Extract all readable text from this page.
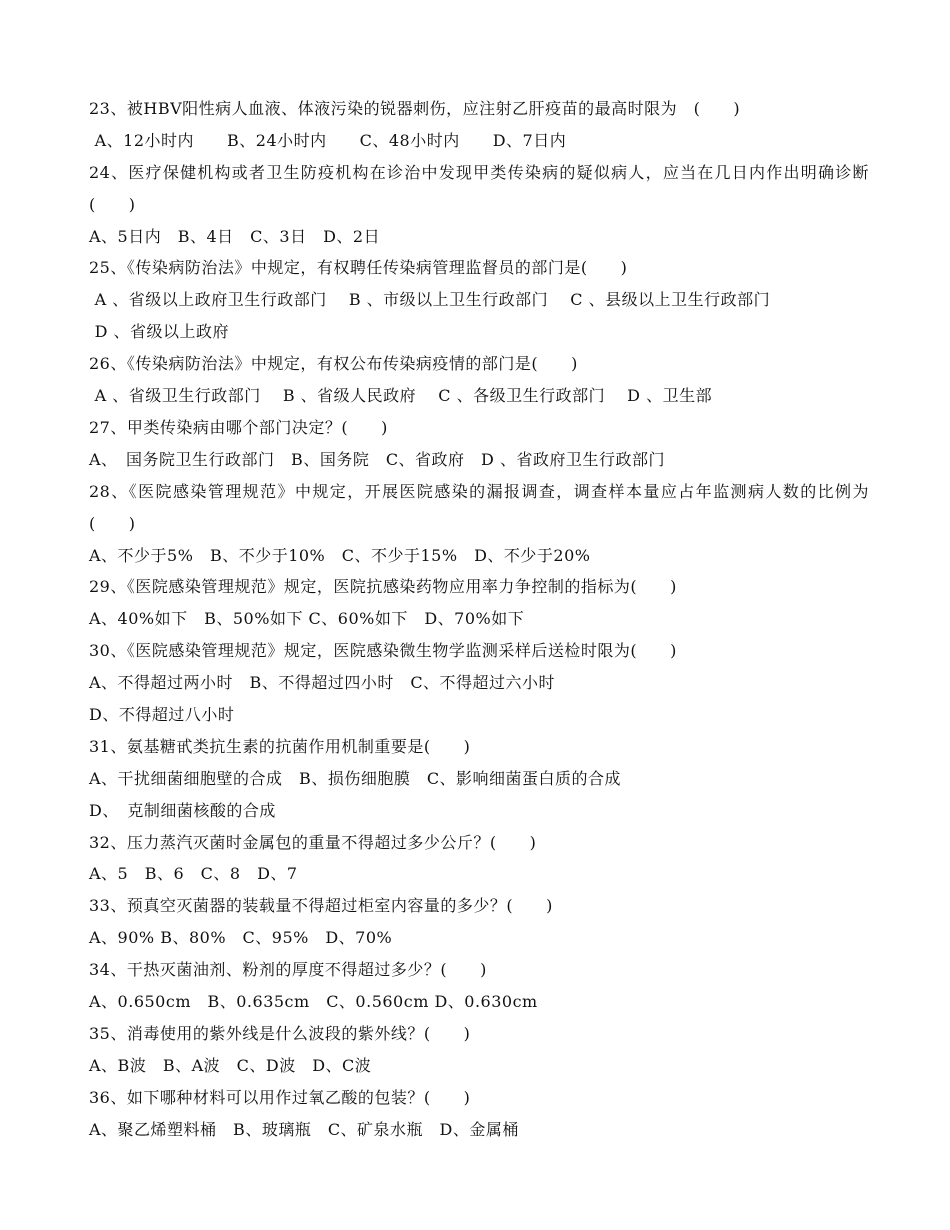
23、被HBV阳性病人血液、体液污染的锐器刺伤，应注射乙肝疫苗的最高时限为　(　　)
A、12小时内　　B、24小时内　　C、48小时内　　D、7日内
24、医疗保健机构或者卫生防疫机构在诊治中发现甲类传染病的疑似病人，应当在几日内作出明确诊断(　　)
A、5日内　B、4日　C、3日　D、2日
25、《传染病防治法》中规定，有权聘任传染病管理监督员的部门是(　　)
A 、省级以上政府卫生行政部门　 B 、市级以上卫生行政部门　 C 、县级以上卫生行政部门
D 、省级以上政府
26、《传染病防治法》中规定，有权公布传染病疫情的部门是(　　)
A 、省级卫生行政部门　 B 、省级人民政府　 C 、各级卫生行政部门　 D 、卫生部
27、甲类传染病由哪个部门决定？(　　)
A、　国务院卫生行政部门　B、国务院　C、省政府　D 、省政府卫生行政部门
28、《医院感染管理规范》中规定，开展医院感染的漏报调查，调查样本量应占年监测病人数的比例为(　　)
A、不少于5%　B、不少于10%　C、不少于15%　D、不少于20%
29、《医院感染管理规范》规定，医院抗感染药物应用率力争控制的指标为(　　)
A、40%如下　B、50%如下 C、60%如下　D、70%如下
30、《医院感染管理规范》规定，医院感染微生物学监测采样后送检时限为(　　)
A、不得超过两小时　B、不得超过四小时　C、不得超过六小时
D、不得超过八小时
31、氨基糖甙类抗生素的抗菌作用机制重要是(　　)
A、干扰细菌细胞壁的合成　B、损伤细胞膜　C、影响细菌蛋白质的合成
D、　克制细菌核酸的合成
32、压力蒸汽灭菌时金属包的重量不得超过多少公斤？(　　)
A、5　B、6　C、8　D、7
33、预真空灭菌器的装载量不得超过柜室内容量的多少？(　　)
A、90% B、80%　C、95%　D、70%
34、干热灭菌油剂、粉剂的厚度不得超过多少？(　　)
A、0.650cm　B、0.635cm　C、0.560cm D、0.630cm
35、消毒使用的紫外线是什么波段的紫外线？(　　)
A、B波　B、A波　C、D波　D、C波
36、如下哪种材料可以用作过氧乙酸的包装？(　　)
A、聚乙烯塑料桶　B、玻璃瓶　C、矿泉水瓶　D、金属桶
